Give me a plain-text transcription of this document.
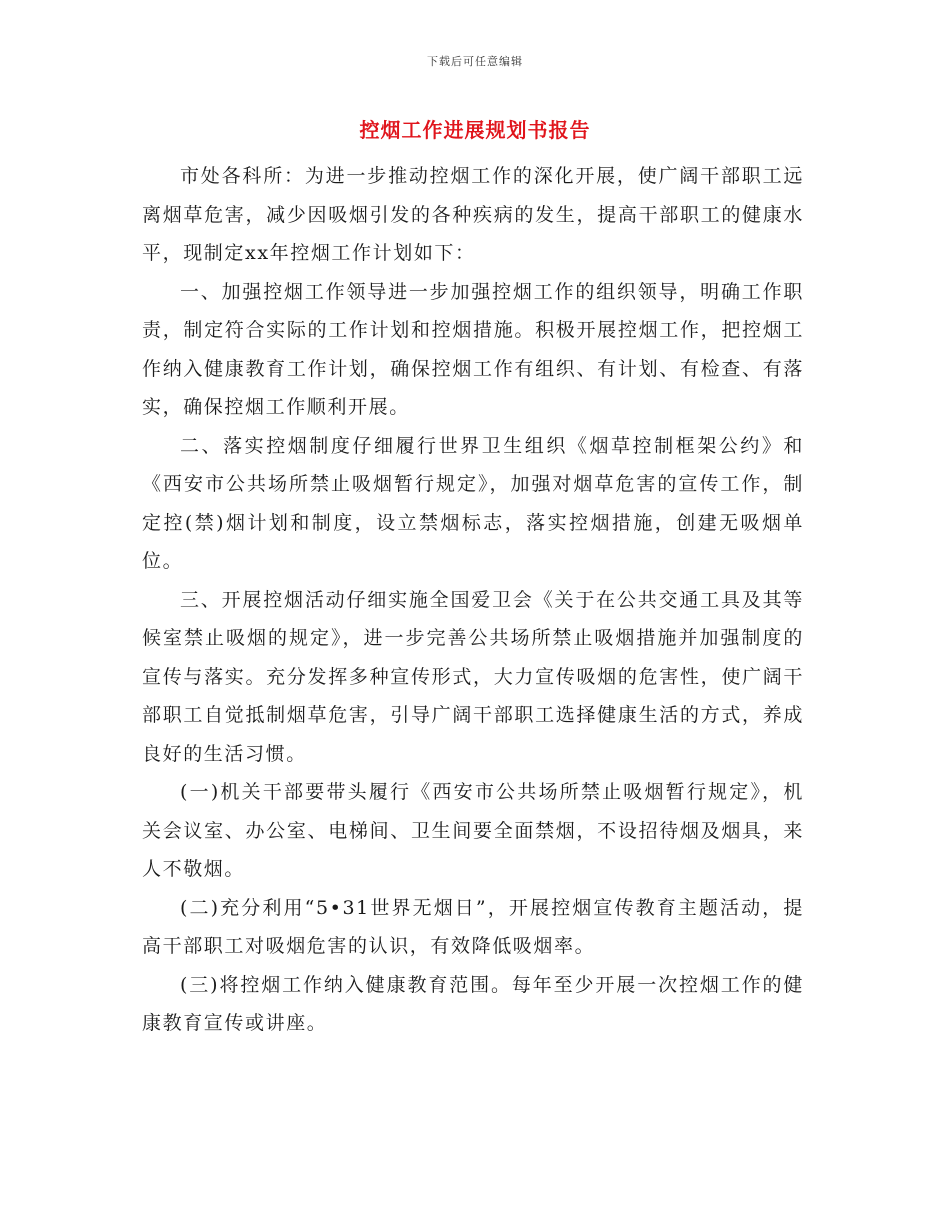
下载后可任意编辑
控烟工作进展规划书报告

市处各科所：为进一步推动控烟工作的深化开展，使广阔干部职工远离烟草危害，减少因吸烟引发的各种疾病的发生，提高干部职工的健康水平，现制定xx年控烟工作计划如下：

一、加强控烟工作领导进一步加强控烟工作的组织领导，明确工作职责，制定符合实际的工作计划和控烟措施。积极开展控烟工作，把控烟工作纳入健康教育工作计划，确保控烟工作有组织、有计划、有检查、有落实，确保控烟工作顺利开展。

二、落实控烟制度仔细履行世界卫生组织《烟草控制框架公约》和《西安市公共场所禁止吸烟暂行规定》，加强对烟草危害的宣传工作，制定控(禁)烟计划和制度，设立禁烟标志，落实控烟措施，创建无吸烟单位。

三、开展控烟活动仔细实施全国爱卫会《关于在公共交通工具及其等候室禁止吸烟的规定》，进一步完善公共场所禁止吸烟措施并加强制度的宣传与落实。充分发挥多种宣传形式，大力宣传吸烟的危害性，使广阔干部职工自觉抵制烟草危害，引导广阔干部职工选择健康生活的方式，养成良好的生活习惯。

(一)机关干部要带头履行《西安市公共场所禁止吸烟暂行规定》，机关会议室、办公室、电梯间、卫生间要全面禁烟，不设招待烟及烟具，来人不敬烟。

(二)充分利用“5•31世界无烟日”，开展控烟宣传教育主题活动，提高干部职工对吸烟危害的认识，有效降低吸烟率。

(三)将控烟工作纳入健康教育范围。每年至少开展一次控烟工作的健康教育宣传或讲座。
